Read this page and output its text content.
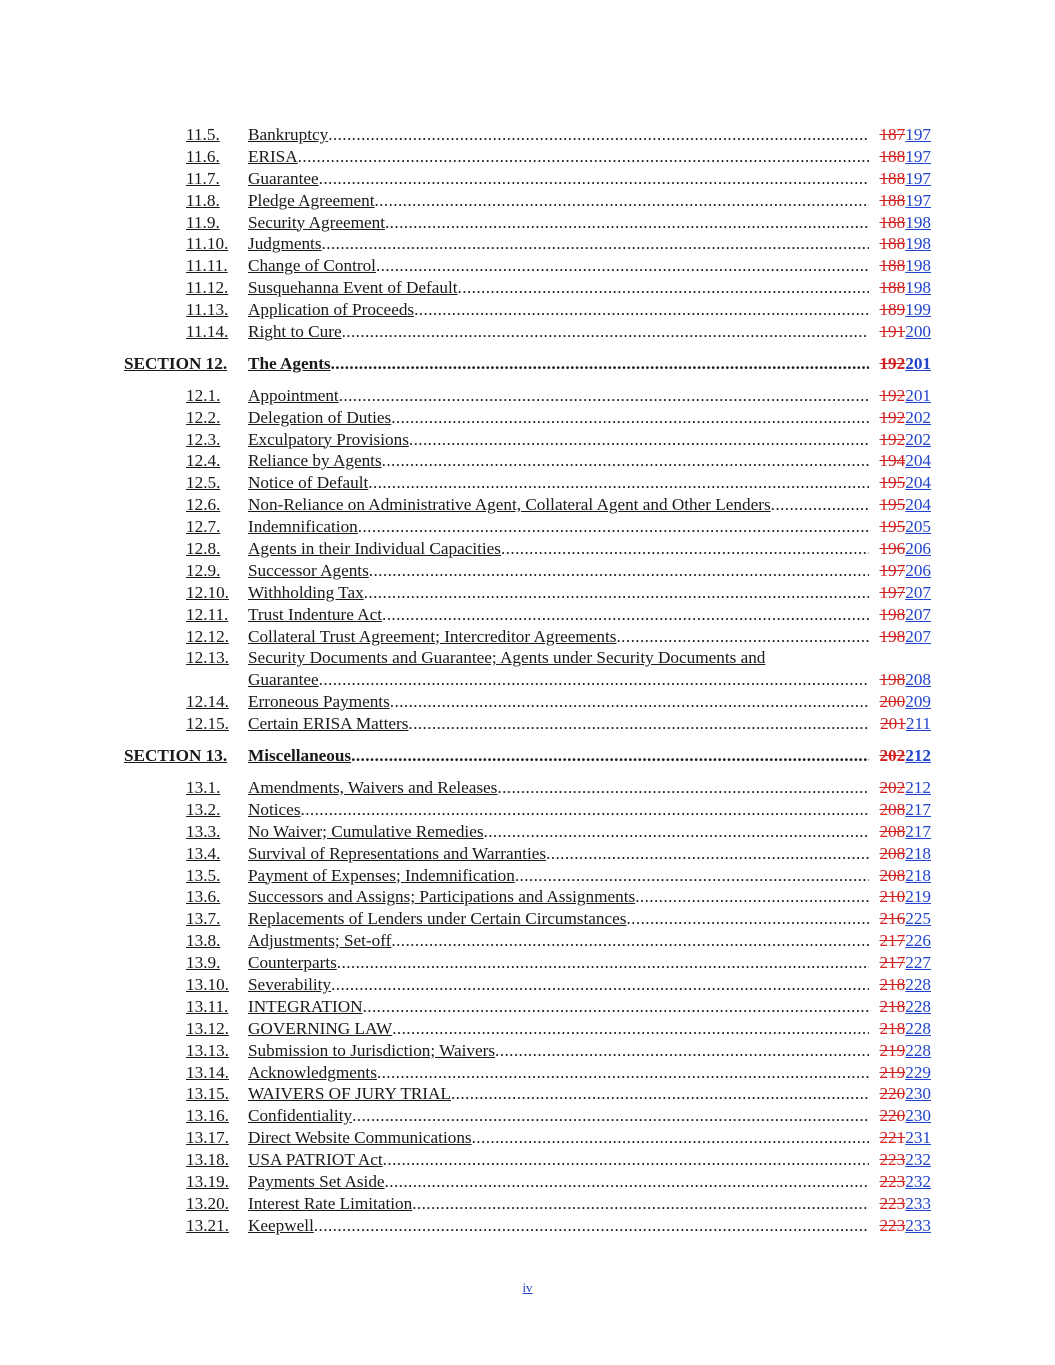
11.5. Bankruptcy .....	187197
11.6. ERISA .....	188197
11.7. Guarantee .....	188197
11.8. Pledge Agreement .....	188197
11.9. Security Agreement .....	188198
11.10. Judgments .....	188198
11.11. Change of Control .....	188198
11.12. Susquehanna Event of Default .....	188198
11.13. Application of Proceeds .....	189199
11.14. Right to Cure .....	191200
SECTION 12. The Agents .....	192201
12.1. Appointment .....	192201
12.2. Delegation of Duties .....	192202
12.3. Exculpatory Provisions .....	192202
12.4. Reliance by Agents .....	194204
12.5. Notice of Default .....	195204
12.6. Non-Reliance on Administrative Agent, Collateral Agent and Other Lenders .....	195204
12.7. Indemnification .....	195205
12.8. Agents in their Individual Capacities .....	196206
12.9. Successor Agents .....	197206
12.10. Withholding Tax .....	197207
12.11. Trust Indenture Act .....	198207
12.12. Collateral Trust Agreement; Intercreditor Agreements .....	198207
12.13. Security Documents and Guarantee; Agents under Security Documents and
Guarantee .....	198208
12.14. Erroneous Payments .....	200209
12.15. Certain ERISA Matters .....	201211
SECTION 13. Miscellaneous .....	202212
13.1. Amendments, Waivers and Releases .....	202212
13.2. Notices .....	208217
13.3. No Waiver; Cumulative Remedies .....	208217
13.4. Survival of Representations and Warranties .....	208218
13.5. Payment of Expenses; Indemnification .....	208218
13.6. Successors and Assigns; Participations and Assignments .....	210219
13.7. Replacements of Lenders under Certain Circumstances .....	216225
13.8. Adjustments; Set-off .....	217226
13.9. Counterparts .....	217227
13.10. Severability .....	218228
13.11. INTEGRATION .....	218228
13.12. GOVERNING LAW .....	218228
13.13. Submission to Jurisdiction; Waivers .....	219228
13.14. Acknowledgments .....	219229
13.15. WAIVERS OF JURY TRIAL .....	220230
13.16. Confidentiality .....	220230
13.17. Direct Website Communications .....	221231
13.18. USA PATRIOT Act .....	223232
13.19. Payments Set Aside .....	223232
13.20. Interest Rate Limitation .....	223233
13.21. Keepwell .....	223233
iv
